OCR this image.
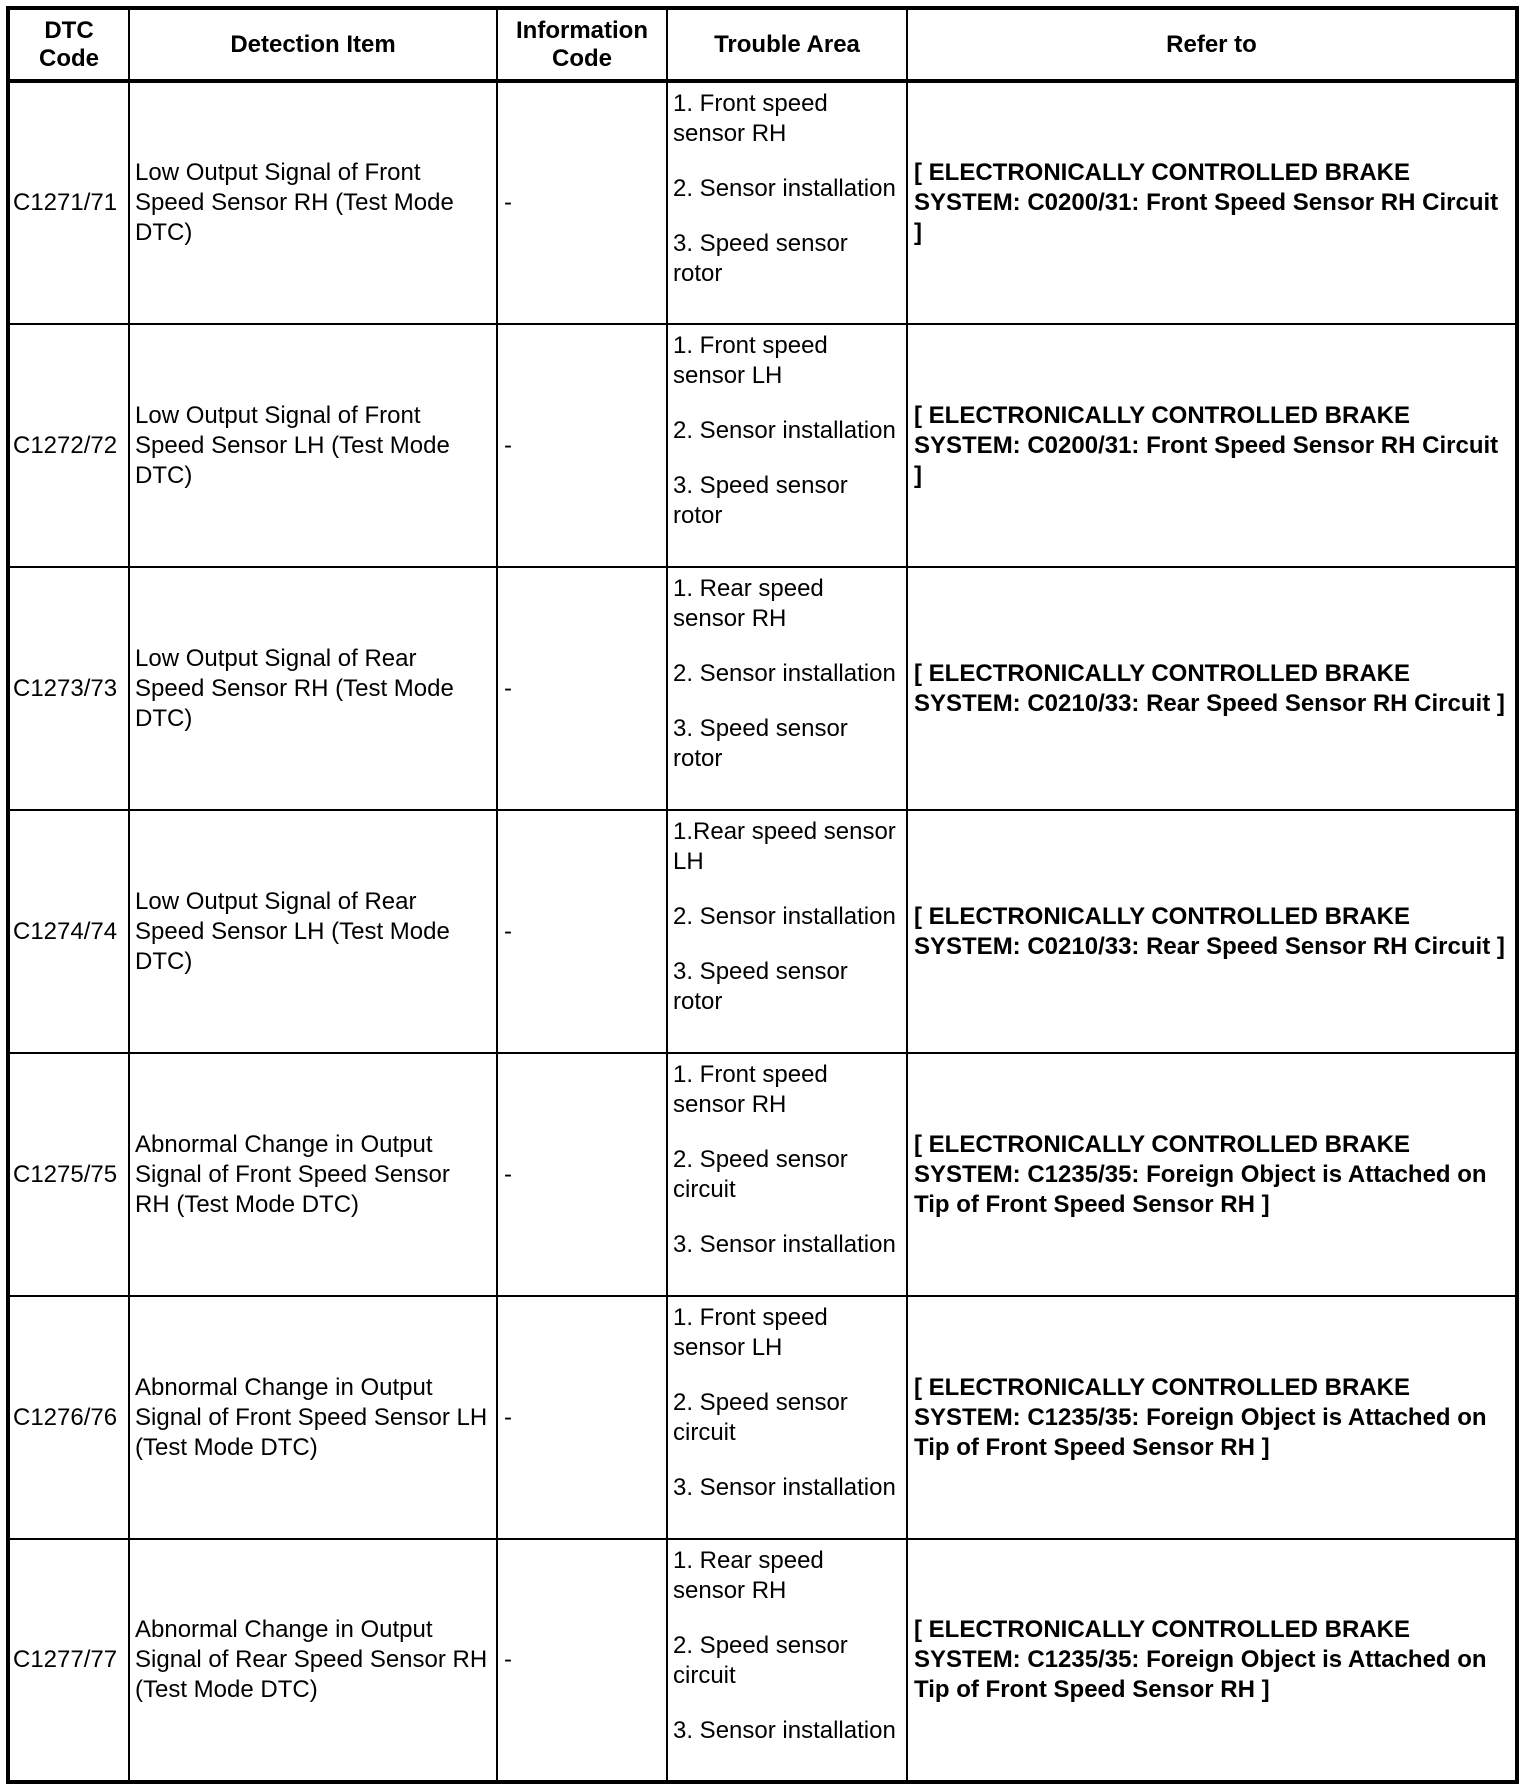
DTC Code	Detection Item	Information Code	Trouble Area	Refer to
C1271/71	Low Output Signal of Front Speed Sensor RH (Test Mode DTC)	-	1. Front speed sensor RH
2. Sensor installation
3. Speed sensor rotor	[ ELECTRONICALLY CONTROLLED BRAKE SYSTEM: C0200/31: Front Speed Sensor RH Circuit ]
C1272/72	Low Output Signal of Front Speed Sensor LH (Test Mode DTC)	-	1. Front speed sensor LH
2. Sensor installation
3. Speed sensor rotor	[ ELECTRONICALLY CONTROLLED BRAKE SYSTEM: C0200/31: Front Speed Sensor RH Circuit ]
C1273/73	Low Output Signal of Rear Speed Sensor RH (Test Mode DTC)	-	1. Rear speed sensor RH
2. Sensor installation
3. Speed sensor rotor	[ ELECTRONICALLY CONTROLLED BRAKE SYSTEM: C0210/33: Rear Speed Sensor RH Circuit ]
C1274/74	Low Output Signal of Rear Speed Sensor LH (Test Mode DTC)	-	1.Rear speed sensor LH
2. Sensor installation
3. Speed sensor rotor	[ ELECTRONICALLY CONTROLLED BRAKE SYSTEM: C0210/33: Rear Speed Sensor RH Circuit ]
C1275/75	Abnormal Change in Output Signal of Front Speed Sensor RH (Test Mode DTC)	-	1. Front speed sensor RH
2. Speed sensor circuit
3. Sensor installation	[ ELECTRONICALLY CONTROLLED BRAKE SYSTEM: C1235/35: Foreign Object is Attached on Tip of Front Speed Sensor RH ]
C1276/76	Abnormal Change in Output Signal of Front Speed Sensor LH (Test Mode DTC)	-	1. Front speed sensor LH
2. Speed sensor circuit
3. Sensor installation	[ ELECTRONICALLY CONTROLLED BRAKE SYSTEM: C1235/35: Foreign Object is Attached on Tip of Front Speed Sensor RH ]
C1277/77	Abnormal Change in Output Signal of Rear Speed Sensor RH (Test Mode DTC)	-	1. Rear speed sensor RH
2. Speed sensor circuit
3. Sensor installation	[ ELECTRONICALLY CONTROLLED BRAKE SYSTEM: C1235/35: Foreign Object is Attached on Tip of Front Speed Sensor RH ]
